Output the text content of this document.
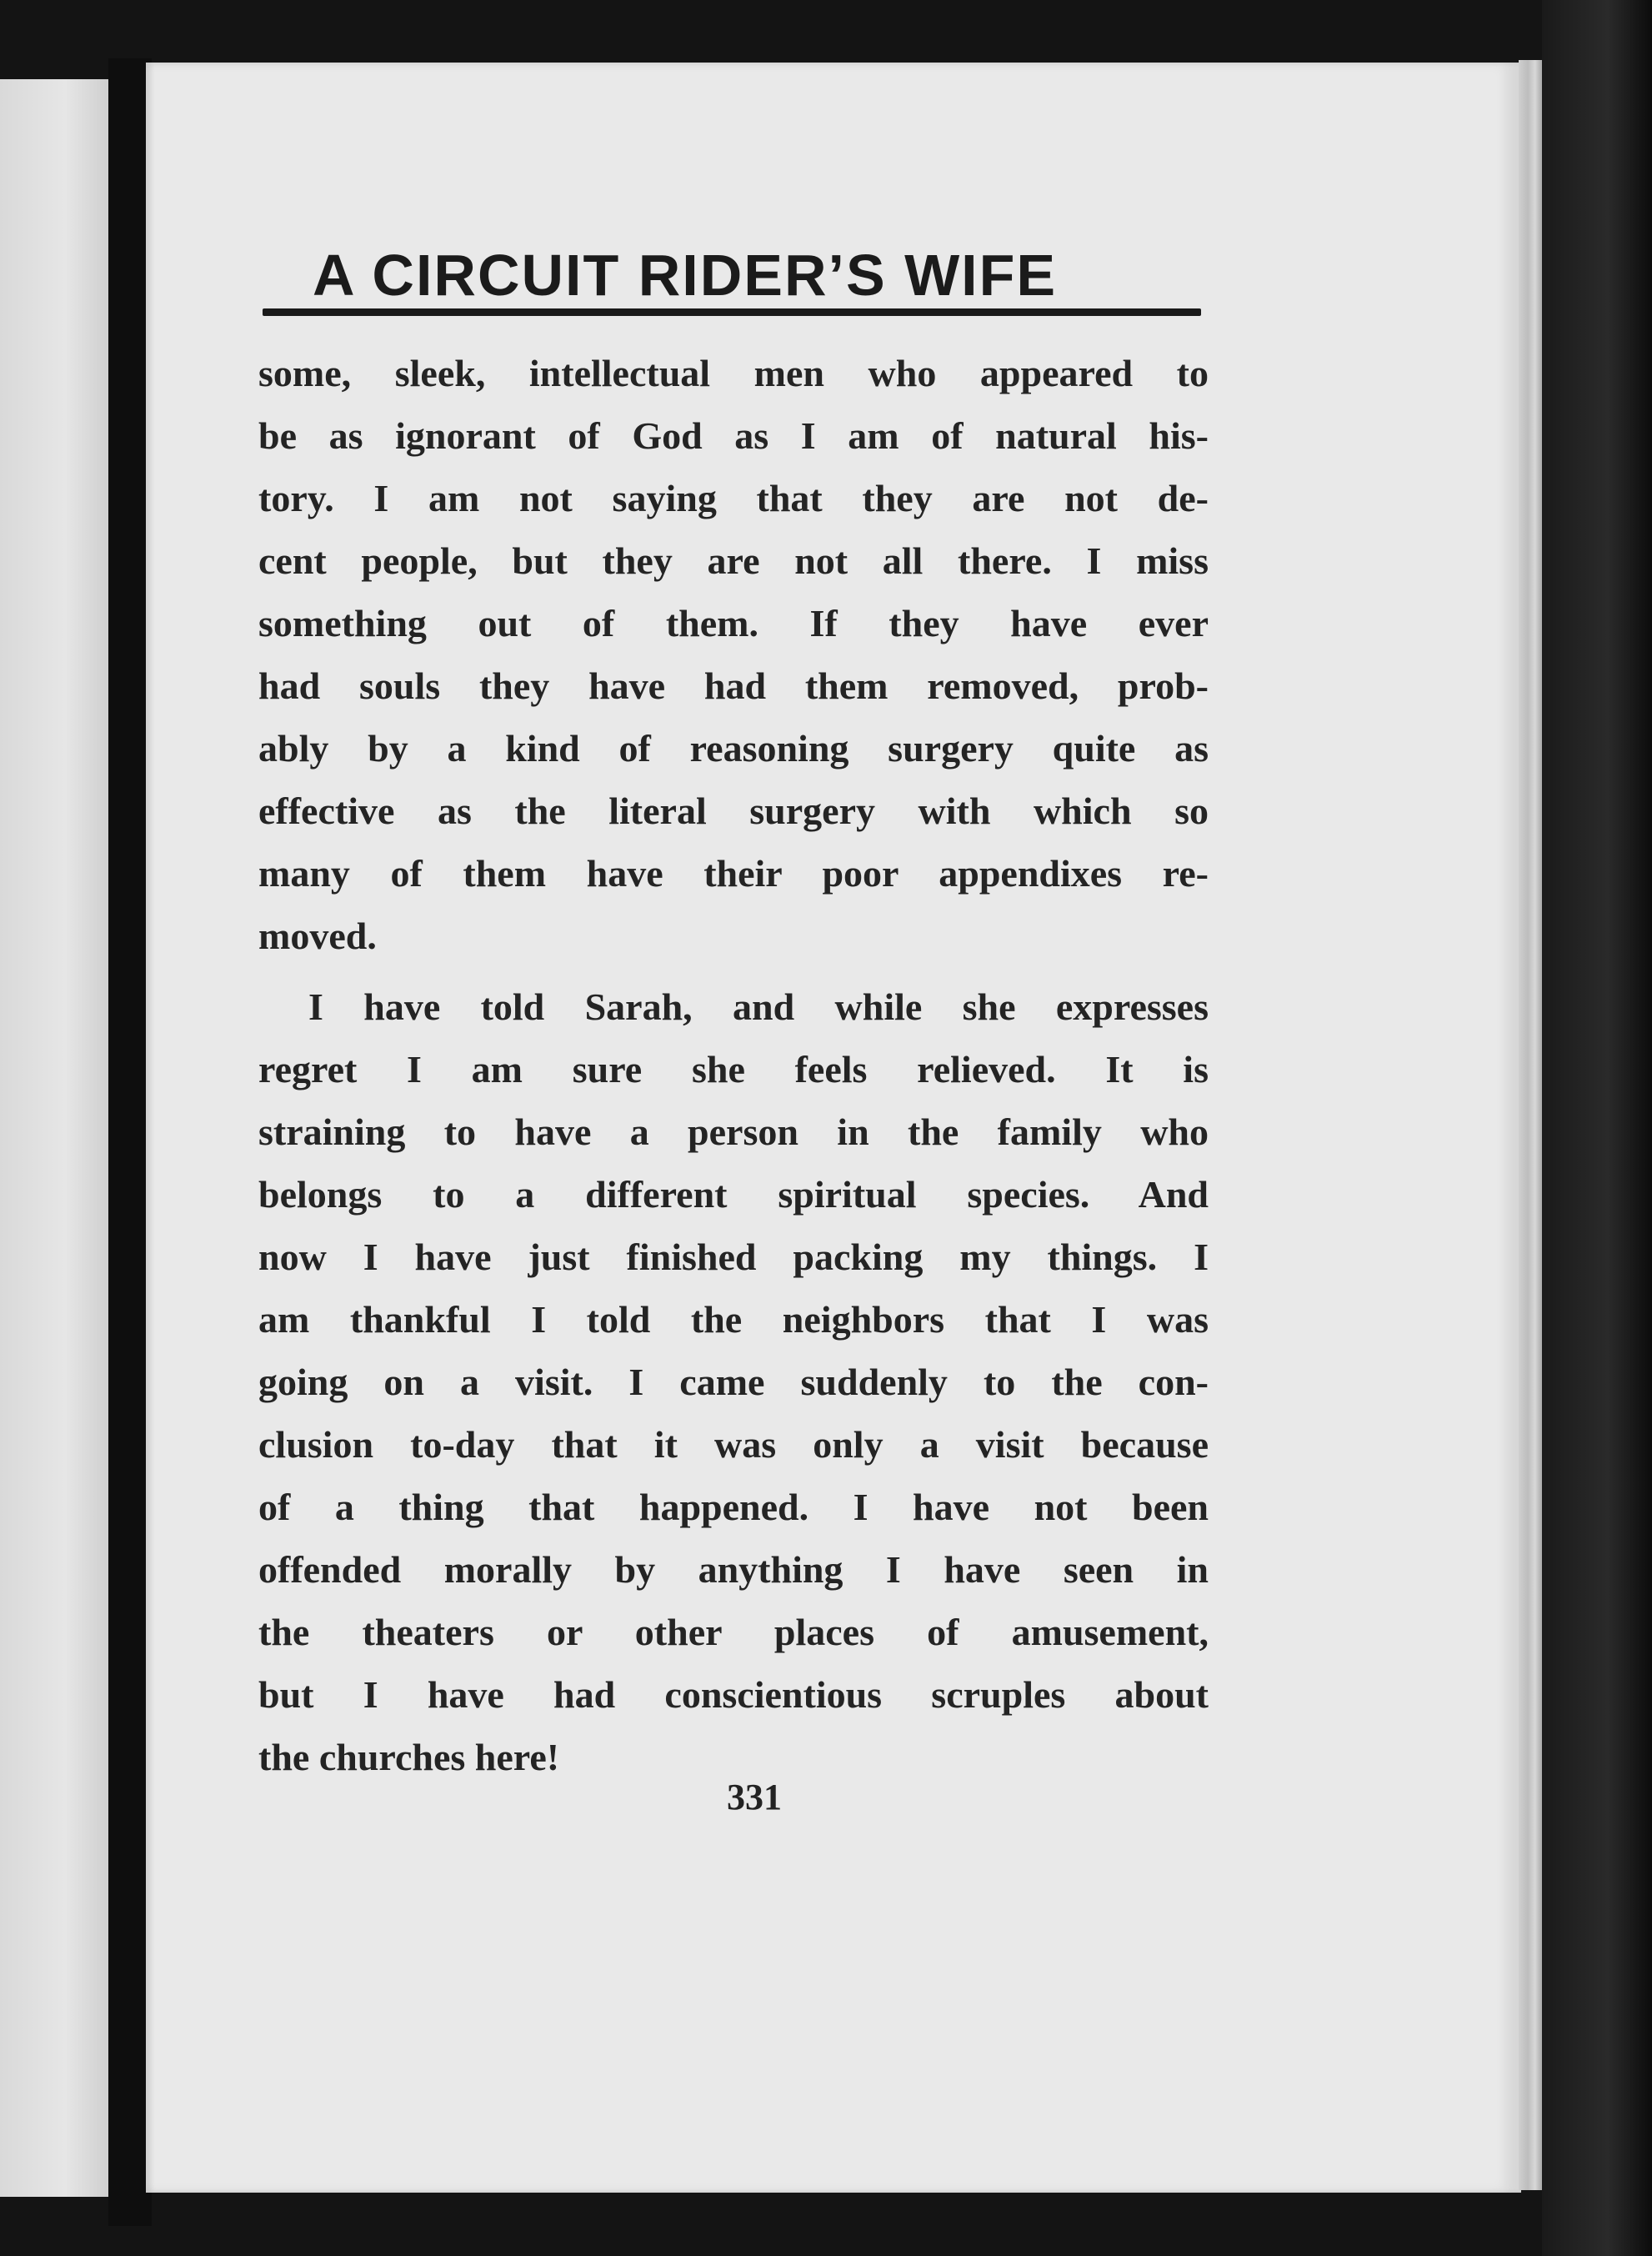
A CIRCUIT RIDER’S WIFE
some, sleek, intellectual men who appeared to
be as ignorant of God as I am of natural his-
tory. I am not saying that they are not de-
cent people, but they are not all there. I miss
something out of them. If they have ever
had souls they have had them removed, prob-
ably by a kind of reasoning surgery quite as
effective as the literal surgery with which so
many of them have their poor appendixes re-
moved.
I have told Sarah, and while she expresses
regret I am sure she feels relieved. It is
straining to have a person in the family who
belongs to a different spiritual species. And
now I have just finished packing my things. I
am thankful I told the neighbors that I was
going on a visit. I came suddenly to the con-
clusion to-day that it was only a visit because
of a thing that happened. I have not been
offended morally by anything I have seen in
the theaters or other places of amusement,
but I have had conscientious scruples about
the churches here!
331
